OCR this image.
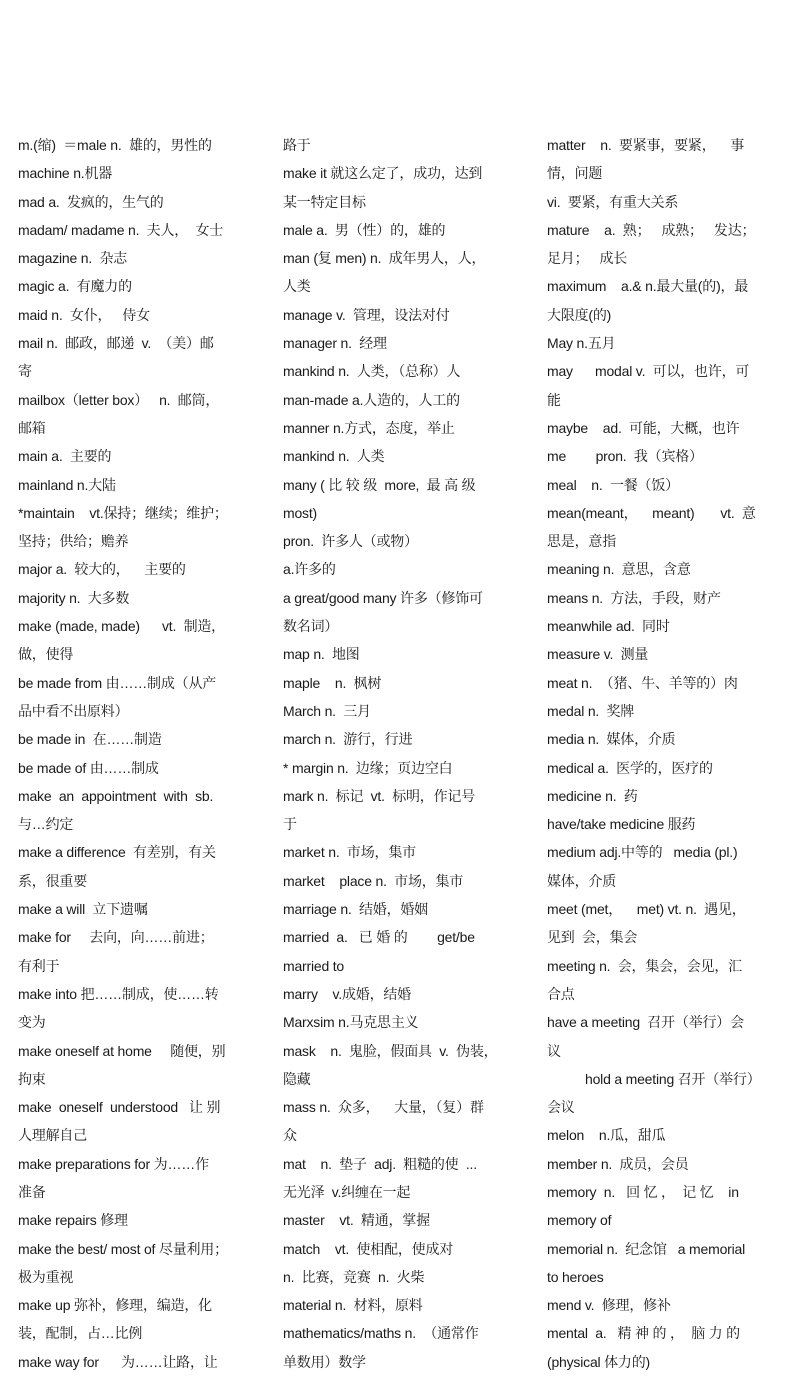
m.(缩)  ＝male n.  雄的，男性的
machine n.机器
mad a.  发疯的，生气的
madam/ madame n.  夫人，  女士
magazine n.  杂志
magic a.  有魔力的
maid n.  女仆，   侍女
mail n.  邮政，邮递  v.  （美）邮
寄
mailbox（letter box）   n.  邮筒，
邮箱
main a.  主要的
mainland n.大陆
*maintain    vt.保持；继续；维护；
坚持；供给；赡养
major a.  较大的，    主要的
majority n.  大多数
make (made, made)      vt.  制造，
做，使得
be made from 由……制成（从产
品中看不出原料）
be made in  在……制造
be made of 由……制成
make  an  appointment  with  sb.
与…约定
make a difference  有差别，有关
系，很重要
make a will  立下遗嘱
make for     去向，向……前进；
有利于
make into 把……制成，使……转
变为
make oneself at home     随便，别
拘束
make  oneself  understood   让 别
人理解自己
make preparations for 为……作
准备
make repairs 修理
make the best/ most of 尽量利用；
极为重视
make up 弥补，修理，编造，化
装，配制，占…比例
make way for      为……让路，让
路于
make it 就这么定了，成功，达到
某一特定目标
male a.  男（性）的，雄的
man (复 men) n.  成年男人，人，
人类
manage v.  管理，设法对付
manager n.  经理
mankind n.  人类，（总称）人
man-made a.人造的，人工的
manner n.方式，态度，举止
mankind n.  人类
many ( 比 较 级  more,  最 高 级
most)
pron.  许多人（或物）
a.许多的
a great/good many 许多（修饰可
数名词）
map n.  地图
maple    n.  枫树
March n.  三月
march n.  游行，行进
* margin n.  边缘；页边空白
mark n.  标记  vt.  标明，作记号
于
market n.  市场，集市
market    place n.  市场，集市
marriage n.  结婚，婚姻
married  a.   已 婚 的        get/be
married to
marry    v.成婚，结婚
Marxsim n.马克思主义
mask    n.  鬼脸，假面具  v.  伪装，
隐藏
mass n.  众多，    大量，（复）群
众
mat    n.  垫子  adj.  粗糙的使  ...
无光泽  v.纠缠在一起
master    vt.  精通，掌握
match    vt.  使相配，使成对
n.  比赛，竞赛  n.  火柴
material n.  材料，原料
mathematics/maths n.  （通常作
单数用）数学
matter    n.  要紧事，要紧，    事
情，问题
vi.  要紧，有重大关系
mature    a.  熟；   成熟；   发达；
足月；   成长
maximum    a.& n.最大量(的)，最
大限度(的)
May n.五月
may      modal v.  可以，也许，可
能
maybe    ad.  可能，大概，也许
me        pron.  我（宾格）
meal    n.  一餐（饭）
mean(meant，    meant)       vt.  意
思是，意指
meaning n.  意思，含意
means n.  方法，手段，财产
meanwhile ad.  同时
measure v.  测量
meat n.  （猪、牛、羊等的）肉
medal n.  奖牌
media n.  媒体，介质
medical a.  医学的，医疗的
medicine n.  药
have/take medicine 服药
medium adj.中等的   media (pl.)
媒体，介质
meet (met，    met) vt. n.  遇见，
见到  会，集会
meeting n.  会，集会，会见，汇
合点
have a meeting  召开（举行）会
议
hold a meeting 召开（举行）
会议
melon    n.瓜，甜瓜
member n.  成员，会员
memory  n.   回 忆 ，  记 忆    in
memory of
memorial n.  纪念馆   a memorial
to heroes
mend v.  修理，修补
mental  a.   精 神 的 ，  脑 力 的
(physical 体力的)
